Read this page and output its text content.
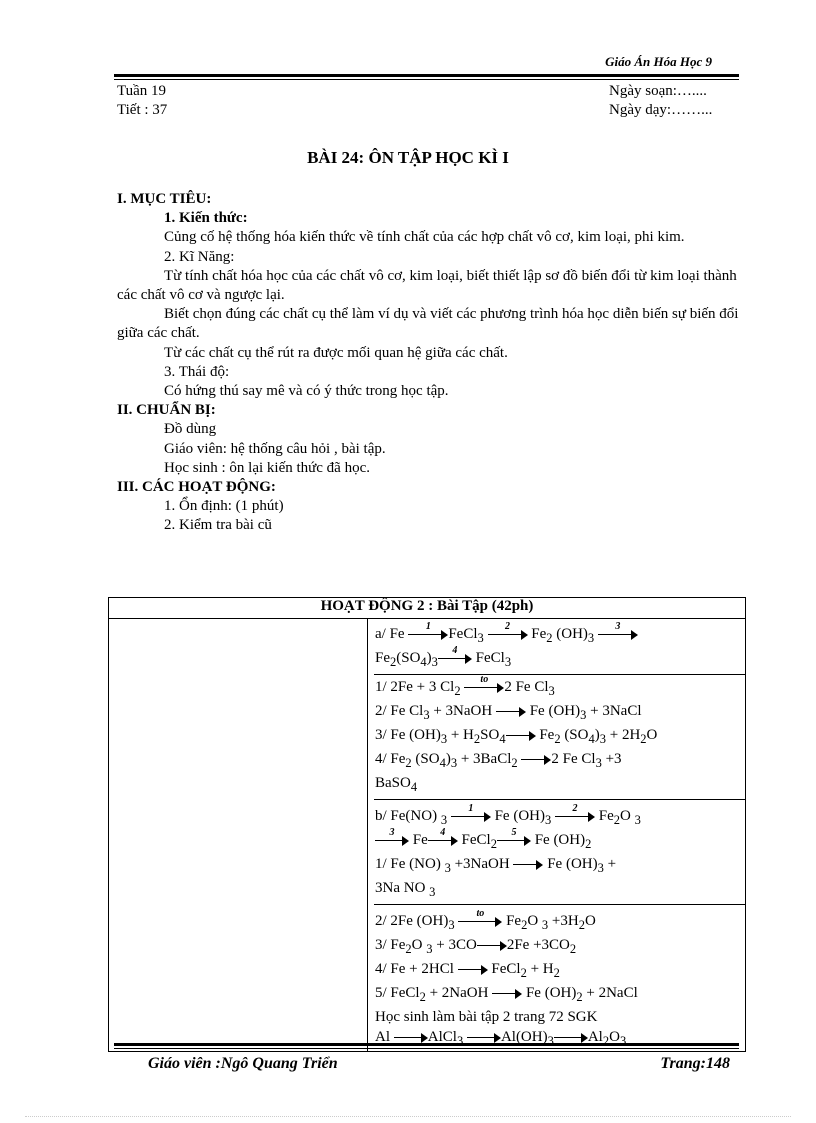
Giáo Án Hóa Học 9
Tuần 19
Tiết : 37
Ngày soạn:…....
Ngày dạy:……...
BÀI 24: ÔN TẬP HỌC KÌ I

I. MỤC TIÊU:

1. Kiến thức:

Củng cố hệ thống hóa kiến thức về tính chất của các hợp chất vô cơ, kim loại, phi kim.

2. Kĩ Năng:

Từ tính chất hóa học của các chất vô cơ, kim loại, biết thiết lập sơ đồ biến đổi từ kim loại thành các chất vô cơ và ngược lại.

Biết chọn đúng các chất cụ thể làm ví dụ và viết các phương trình hóa học diễn biến sự biến đổi giữa các chất.

Từ các chất cụ thể rút ra được mối quan hệ giữa các chất.

3. Thái độ:

Có hứng thú say mê và có ý thức trong học tập.

II. CHUẨN BỊ:

Đồ dùng

Giáo viên: hệ thống câu hỏi , bài tập.

Học sinh : ôn lại kiến thức đã học.

III. CÁC HOẠT ĐỘNG:

1. Ổn định: (1 phút)

2. Kiểm tra bài cũ

HOẠT ĐỘNG 2 : Bài Tập (42ph)

a/ Fe	1	FeCl$_3$
2	$Fe_2$ $(OH)_3$
3
$Fe_2(SO_4)_3$
4 FeCl$_3$
1/ 2Fe + 3 $Cl_2$
to	2 Fe $Cl_3$
2/ Fe $Cl_3$ + 3NaOH  Fe $(OH)_3$ + 3NaCl
3/ Fe $(OH)_3 + H_2SO_4$ $Fe_2$ $(SO_4)_3 + 2H_2O$
4/ $Fe_2$ $(SO_4)_3$ + 3BaCl$_2$ 2 Fe $Cl_3 +3$
BaSO$_4$
b/ Fe(NO) $_3$
1	Fe $(OH)_3$
2	$Fe_2O$ $_3$
3 Fe	4 FeCl$_2$
5 Fe $(OH)_2$
1/ Fe (NO) $_3$ +3NaOH  Fe $(OH)_3$ +
3Na NO $_3$
2/ 2Fe $(OH)_3$
to	$Fe_2O$ $_3 +3H_2O$
3/ $Fe_2O$ $_3$ + 3CO $2Fe +3CO_2$
4/ Fe + 2HCl  FeCl$_2$ + $H_2$
5/ FeCl$_2$ + 2NaOH  Fe $(OH)_2$ + 2NaCl
Học sinh làm bài tập 2 trang 72 SGK
Al AlCl$_3$	$Al(OH)_3$ $Al_2O_3$
Giáo viên :Ngô Quang Triển	Trang:148
